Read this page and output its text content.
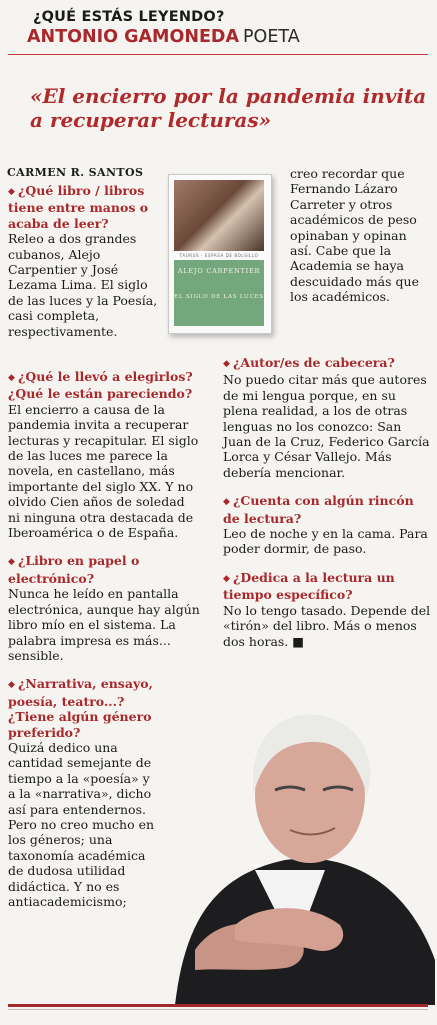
¿QUÉ ESTÁS LEYENDO?
ANTONIO GAMONEDA POETA
«El encierro por la pandemia invita a recuperar lecturas»
CARMEN R. SANTOS
TAURUS · ESPASA DE BOLSILLO
ALEJO CARPENTIER
EL SIGLO DE LAS LUCES
◆ ¿Qué libro / libros tiene entre manos o acaba de leer?
Releo a dos grandes cubanos, Alejo Carpentier y José Lezama Lima. El siglo de las luces y la Poesía, casi completa, respectivamente.
◆ ¿Qué le llevó a elegirlos? ¿Qué le están pareciendo?
El encierro a causa de la pandemia invita a recuperar lecturas y recapitular. El siglo de las luces me parece la novela, en castellano, más importante del siglo XX. Y no olvido Cien años de soledad ni ninguna otra destacada de Iberoamérica o de España.
◆ ¿Libro en papel o electrónico?
Nunca he leído en pantalla electrónica, aunque hay algún libro mío en el sistema. La palabra impresa es más... sensible.
◆ ¿Narrativa, ensayo, poesía, teatro...? ¿Tiene algún género preferido?
Quizá dedico una cantidad semejante de tiempo a la «poesía» y a la «narrativa», dicho así para entendernos. Pero no creo mucho en los géneros; una taxonomía académica de dudosa utilidad didáctica. Y no es antiacademicismo;
creo recordar que Fernando Lázaro Carreter y otros académicos de peso opinaban y opinan así. Cabe que la Academia se haya descuidado más que los académicos.
◆ ¿Autor/es de cabecera?
No puedo citar más que autores de mi lengua porque, en su plena realidad, a los de otras lenguas no los conozco: San Juan de la Cruz, Federico García Lorca y César Vallejo. Más debería mencionar.
◆ ¿Cuenta con algún rincón de lectura?
Leo de noche y en la cama. Para poder dormir, de paso.
◆ ¿Dedica a la lectura un tiempo específico?
No lo tengo tasado. Depende del «tirón» del libro. Más o menos dos horas. ■
